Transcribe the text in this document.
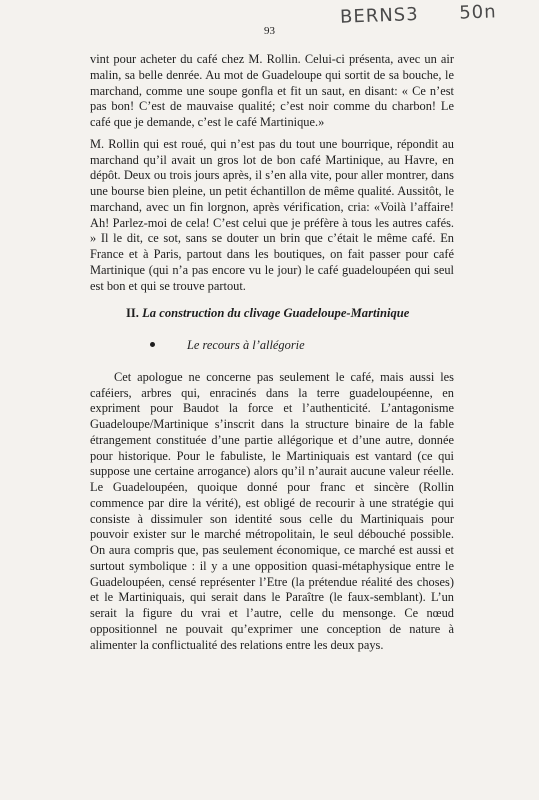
BERNS3 50n
93

vint pour acheter du café chez M. Rollin. Celui-ci présenta, avec un air malin, sa belle denrée. Au mot de Guadeloupe qui sortit de sa bouche, le marchand, comme une soupe gonfla et fit un saut, en disant: « Ce n’est pas bon! C’est de mauvaise qualité; c’est noir comme du charbon! Le café que je demande, c’est le café Martinique.»

M. Rollin qui est roué, qui n’est pas du tout une bourrique, répondit au marchand qu’il avait un gros lot de bon café Martinique, au Havre, en dépôt. Deux ou trois jours après, il s’en alla vite, pour aller montrer, dans une bourse bien pleine, un petit échantillon de même qualité. Aussitôt, le marchand, avec un fin lorgnon, après vérification, cria: «Voilà l’affaire! Ah! Parlez-moi de cela! C’est celui que je préfère à tous les autres cafés. » Il le dit, ce sot, sans se douter un brin que c’était le même café. En France et à Paris, partout dans les boutiques, on fait passer pour café Martinique (qui n’a pas encore vu le jour) le café guadeloupéen qui seul est bon et qui se trouve partout.

II. La construction du clivage Guadeloupe-Martinique
Le recours à l’allégorie

Cet apologue ne concerne pas seulement le café, mais aussi les caféiers, arbres qui, enracinés dans la terre guadeloupéenne, en expriment pour Baudot la force et l’authenticité. L’antagonisme Guadeloupe/Martinique s’inscrit dans la structure binaire de la fable étrangement constituée d’une partie allégorique et d’une autre, donnée pour historique. Pour le fabuliste, le Martiniquais est vantard (ce qui suppose une certaine arrogance) alors qu’il n’aurait aucune valeur réelle. Le Guadeloupéen, quoique donné pour franc et sincère (Rollin commence par dire la vérité), est obligé de recourir à une stratégie qui consiste à dissimuler son identité sous celle du Martiniquais pour pouvoir exister sur le marché métropolitain, le seul débouché possible. On aura compris que, pas seulement économique, ce marché est aussi et surtout symbolique : il y a une opposition quasi-métaphysique entre le Guadeloupéen, censé représenter l’Etre (la prétendue réalité des choses) et le Martiniquais, qui serait dans le Paraître (le faux-semblant). L’un serait la figure du vrai et l’autre, celle du mensonge. Ce nœud oppositionnel ne pouvait qu’exprimer une conception de nature à alimenter la conflictualité des relations entre les deux pays.
